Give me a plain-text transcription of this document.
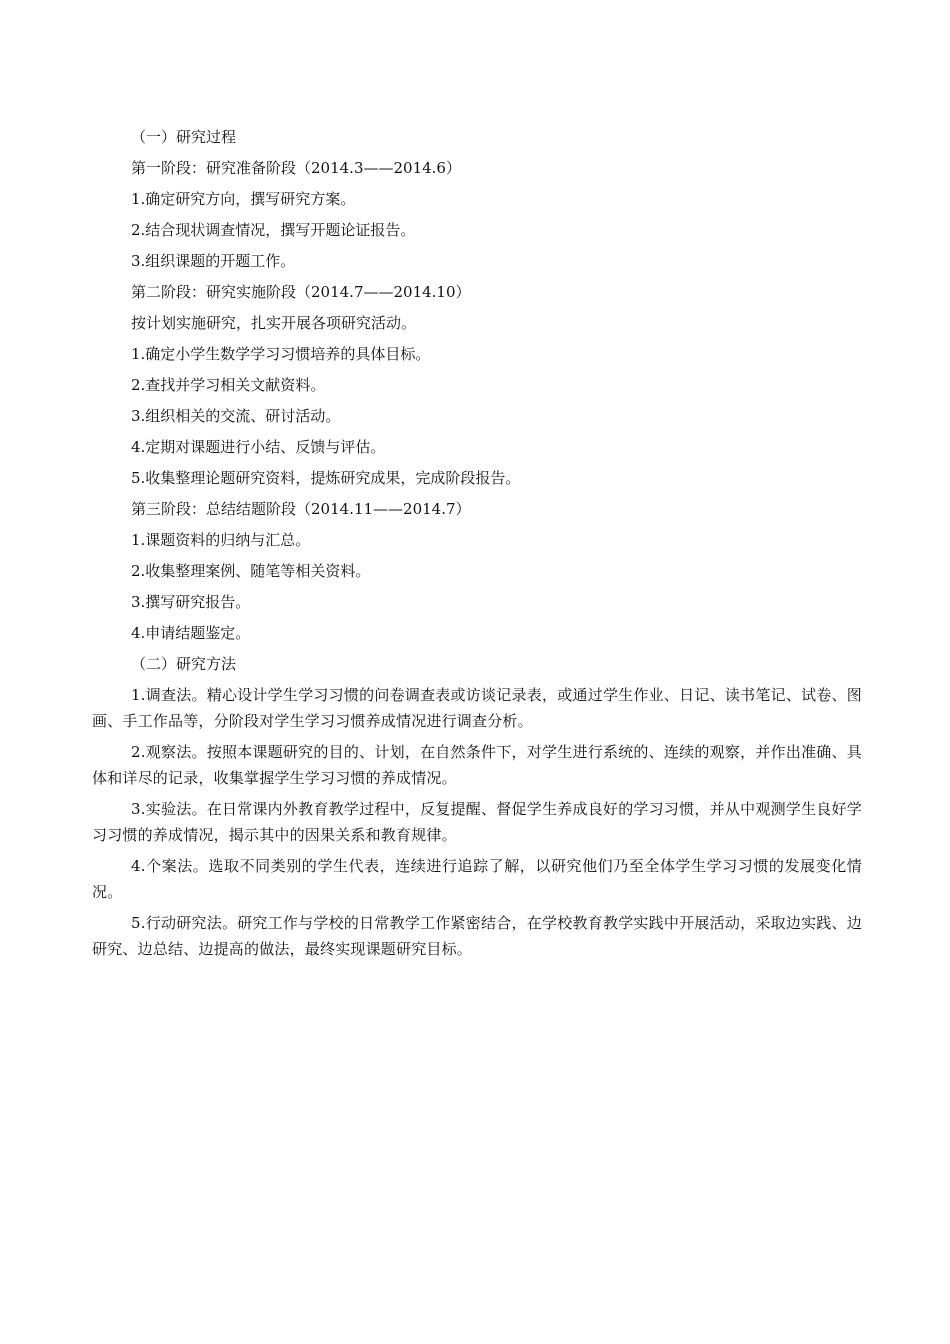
（一）研究过程
第一阶段：研究准备阶段（2014.3——2014.6）
1.确定研究方向，撰写研究方案。
2.结合现状调查情况，撰写开题论证报告。
3.组织课题的开题工作。
第二阶段：研究实施阶段（2014.7——2014.10）
按计划实施研究，扎实开展各项研究活动。
1.确定小学生数学学习习惯培养的具体目标。
2.查找并学习相关文献资料。
3.组织相关的交流、研讨活动。
4.定期对课题进行小结、反馈与评估。
5.收集整理论题研究资料，提炼研究成果，完成阶段报告。
第三阶段：总结结题阶段（2014.11——2014.7）
1.课题资料的归纳与汇总。
2.收集整理案例、随笔等相关资料。
3.撰写研究报告。
4.申请结题鉴定。
（二）研究方法

1.调查法。精心设计学生学习习惯的问卷调查表或访谈记录表，或通过学生作业、日记、读书笔记、试卷、图画、手工作品等，分阶段对学生学习习惯养成情况进行调查分析。

2.观察法。按照本课题研究的目的、计划，在自然条件下，对学生进行系统的、连续的观察，并作出准确、具体和详尽的记录，收集掌握学生学习习惯的养成情况。

3.实验法。在日常课内外教育教学过程中，反复提醒、督促学生养成良好的学习习惯，并从中观测学生良好学习习惯的养成情况，揭示其中的因果关系和教育规律。

4.个案法。选取不同类别的学生代表，连续进行追踪了解，以研究他们乃至全体学生学习习惯的发展变化情况。

5.行动研究法。研究工作与学校的日常教学工作紧密结合，在学校教育教学实践中开展活动，采取边实践、边研究、边总结、边提高的做法，最终实现课题研究目标。
